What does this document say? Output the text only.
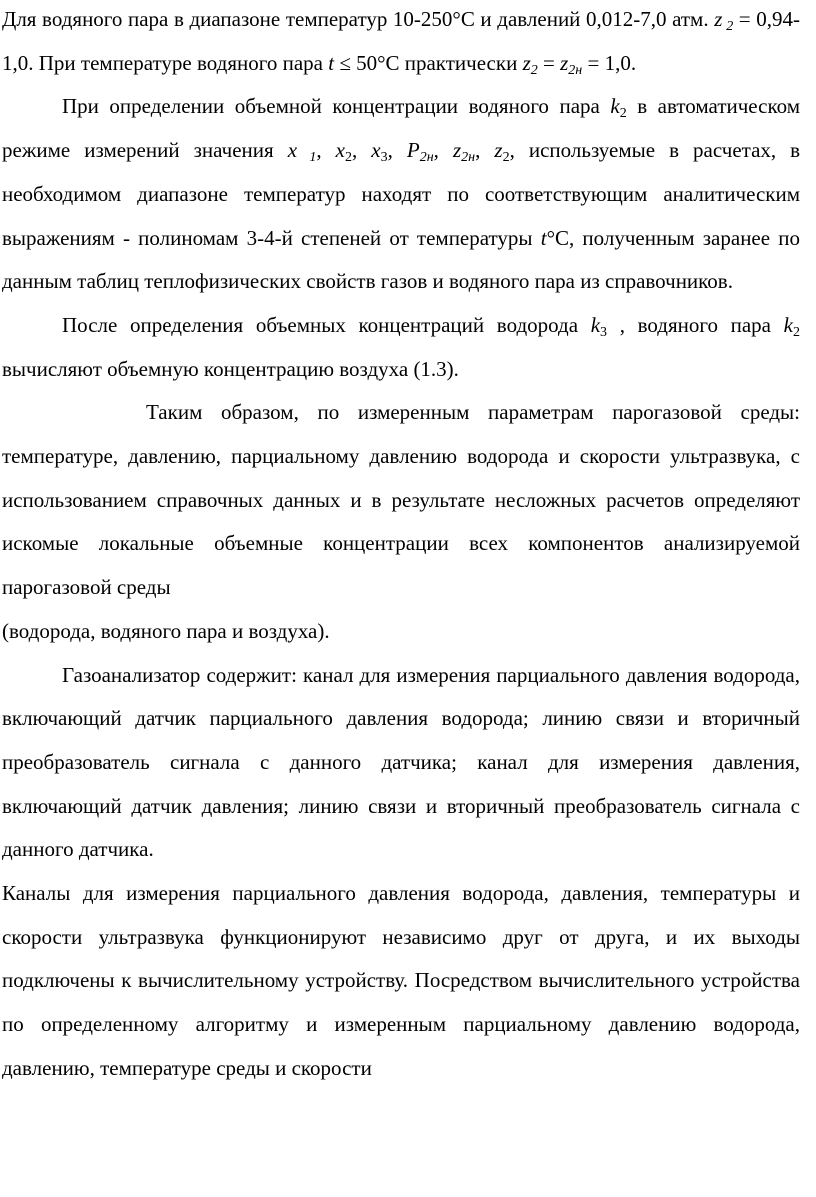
Для водяного пара в диапазоне температур 10-250°С и давлений 0,012-7,0 атм. z $_2$ = 0,94-1,0. При температуре водяного пара t ≤ 50°С практически $z_2 = z_{2н} = 1,0$.

При определении объемной концентрации водяного пара $k_2$ в автоматическом режиме измерений значения х $_1$, $х_2$, $х_3$, $Р_{2н}$, $z_{2н}$, $z_2$, используемые в расчетах, в необходимом диапазоне температур находят по соответствующим аналитическим выражениям - полиномам 3-4-й степеней от температуры t°С, полученным заранее по данным таблиц теплофизических свойств газов и водяного пара из справочников.

После определения объемных концентраций водорода $k_3$ , водяного пара $k_2$ вычисляют объемную концентрацию воздуха (1.3).

Таким образом, по измеренным параметрам парогазовой среды: температуре, давлению, парциальному давлению водорода и скорости ультразвука, с использованием справочных данных и в результате несложных расчетов определяют искомые локальные объемные концентрации всех компонентов анализируемой парогазовой среды

(водорода, водяного пара и воздуха).

Газоанализатор содержит: канал для измерения парциального давления водорода, включающий датчик парциального давления водорода; линию связи и вторичный преобразователь сигнала с данного датчика; канал для измерения давления, включающий датчик давления; линию связи и вторичный преобразователь сигнала с данного датчика.

Каналы для измерения парциального давления водорода, давления, температуры и скорости ультразвука функционируют независимо друг от друга, и их выходы подключены к вычислительному устройству. Посредством вычислительного устройства по определенному алгоритму и измеренным парциальному давлению водорода, давлению, температуре среды и скорости
